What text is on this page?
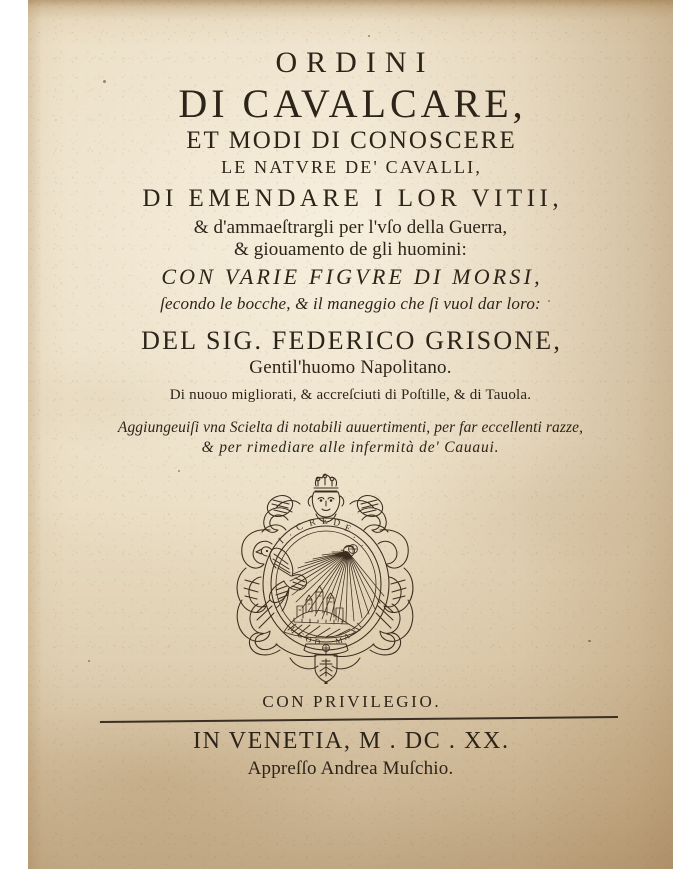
ORDINI
DI CAVALCARE,
ET MODI DI CONOSCERE
LE NATVRE DE' CAVALLI,
DI EMENDARE I LOR VITII,
& d'ammaeſtrargli per l'vſo della Guerra,
& giouamento de gli huomini:
CON VARIE FIGVRE DI MORSI,
ſecondo le bocche, & il maneggio che ſi vuol dar loro:
DEL SIG. FEDERICO GRISONE,
Gentil'huomo Napolitano.
Di nuouo migliorati, & accreſciuti di Poſtille, & di Tauola.
Aggiungeuiſi vna Scielta di notabili auuertimenti, per far eccellenti razze,
& per rimediare alle infermità de' Cauaui.
CON PRIVILEGIO.
IN VENETIA, M . DC . XX.
Appreſſo Andrea Muſchio.
I
.
C R E D E
.
.
I
C O D M
A
X
I
